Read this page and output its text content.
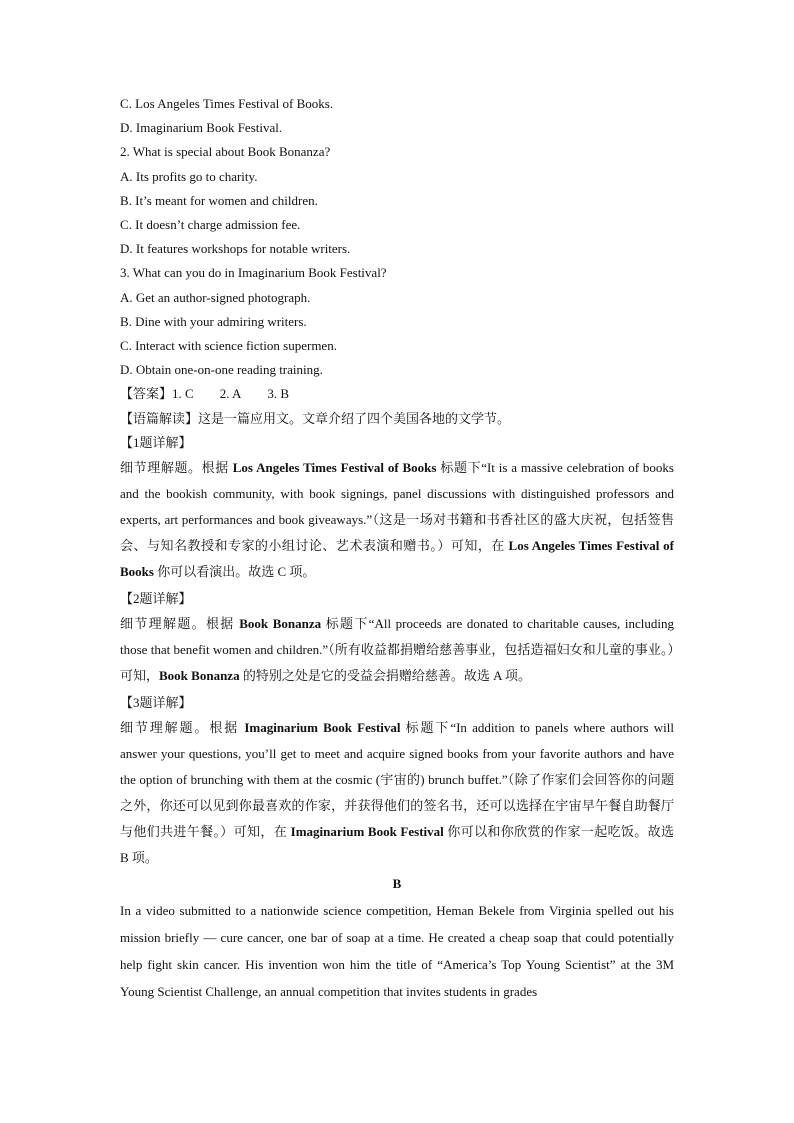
C. Los Angeles Times Festival of Books.
D. Imaginarium Book Festival.
2. What is special about Book Bonanza?
A. Its profits go to charity.
B. It’s meant for women and children.
C. It doesn’t charge admission fee.
D. It features workshops for notable writers.
3. What can you do in Imaginarium Book Festival?
A. Get an author-signed photograph.
B. Dine with your admiring writers.
C. Interact with science fiction supermen.
D. Obtain one-on-one reading training.
【答案】1. C 2. A 3. B
【语篇解读】这是一篇应用文。文章介绍了四个美国各地的文学节。
【1题详解】
细节理解题。根据 Los Angeles Times Festival of Books 标题下“It is a massive celebration of books and the bookish community, with book signings, panel discussions with distinguished professors and experts, art performances and book giveaways.”（这是一场对书籍和书香社区的盛大庆祝，包括签售会、与知名教授和专家的小组讨论、艺术表演和赠书。）可知，在 Los Angeles Times Festival of Books 你可以看演出。故选 C 项。
【2题详解】
细节理解题。根据 Book Bonanza 标题下“All proceeds are donated to charitable causes, including those that benefit women and children.”（所有收益都捐赠给慈善事业，包括造福妇女和儿童的事业。）可知，Book Bonanza 的特别之处是它的受益会捐赠给慈善。故选 A 项。
【3题详解】
细节理解题。根据 Imaginarium Book Festival 标题下“In addition to panels where authors will answer your questions, you’ll get to meet and acquire signed books from your favorite authors and have the option of brunching with them at the cosmic (宇宙的) brunch buffet.”（除了作家们会回答你的问题之外，你还可以见到你最喜欢的作家，并获得他们的签名书，还可以选择在宇宙早午餐自助餐厅与他们共进午餐。）可知，在 Imaginarium Book Festival 你可以和你欣赏的作家一起吃饭。故选 B 项。
B
In a video submitted to a nationwide science competition, Heman Bekele from Virginia spelled out his mission briefly — cure cancer, one bar of soap at a time. He created a cheap soap that could potentially help fight skin cancer. His invention won him the title of “America’s Top Young Scientist” at the 3M Young Scientist Challenge, an annual competition that invites students in grades
